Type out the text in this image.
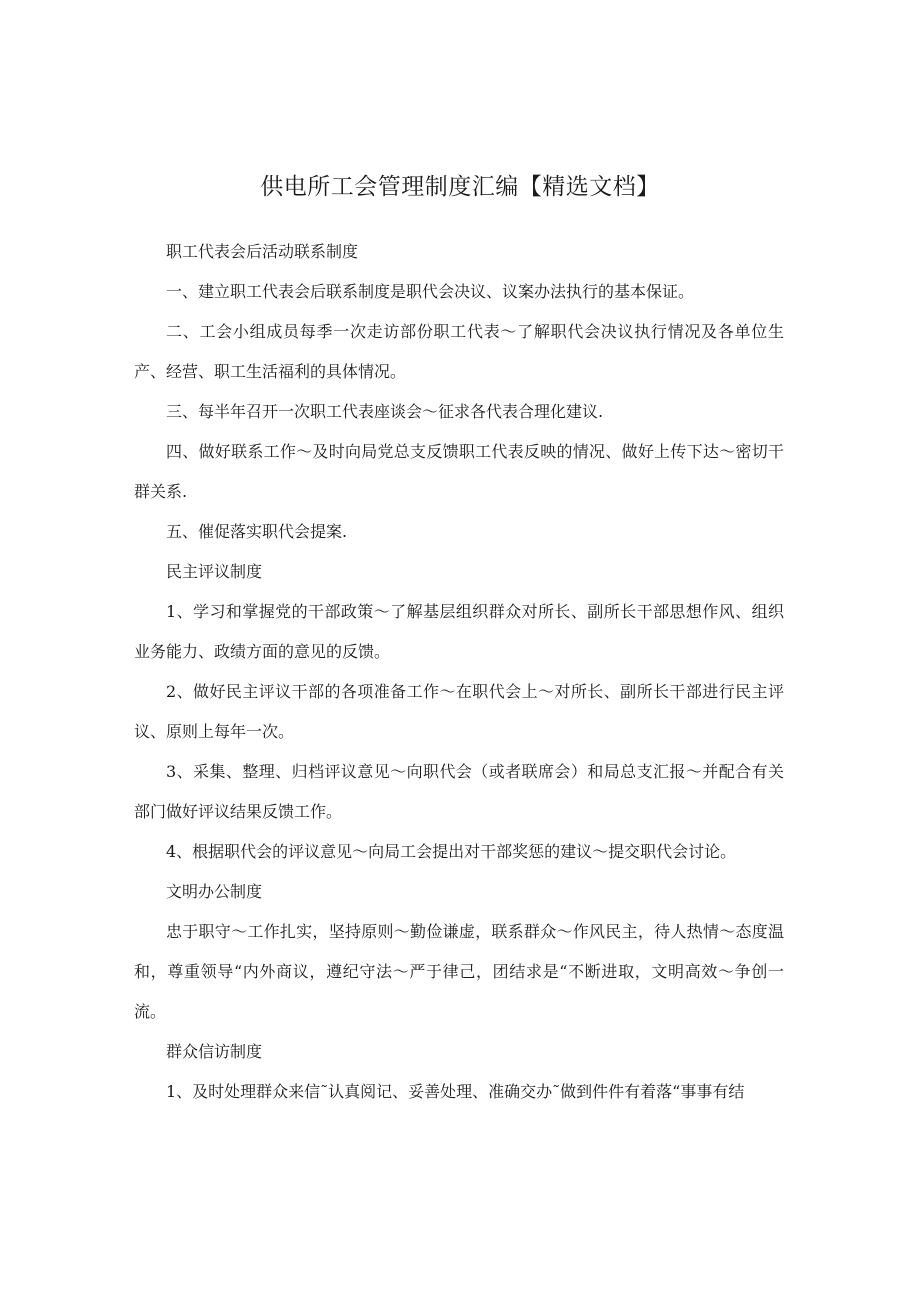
供电所工会管理制度汇编【精选文档】

职工代表会后活动联系制度

一、建立职工代表会后联系制度是职代会决议、议案办法执行的基本保证。

二、工会小组成员每季一次走访部份职工代表～了解职代会决议执行情况及各单位生产、经营、职工生活福利的具体情况。

三、每半年召开一次职工代表座谈会～征求各代表合理化建议.

四、做好联系工作～及时向局党总支反馈职工代表反映的情况、做好上传下达～密切干群关系.

五、催促落实职代会提案.

民主评议制度

1、学习和掌握党的干部政策～了解基层组织群众对所长、副所长干部思想作风、组织业务能力、政绩方面的意见的反馈。

2、做好民主评议干部的各项准备工作～在职代会上～对所长、副所长干部进行民主评议、原则上每年一次。

3、采集、整理、归档评议意见～向职代会（或者联席会）和局总支汇报～并配合有关部门做好评议结果反馈工作。

4、根据职代会的评议意见～向局工会提出对干部奖惩的建议～提交职代会讨论。

文明办公制度

忠于职守～工作扎实，坚持原则～勤俭谦虚，联系群众～作风民主，待人热情～态度温和，尊重领导“内外商议，遵纪守法～严于律己，团结求是“不断进取，文明高效～争创一流。

群众信访制度

1、及时处理群众来信˜认真阅记、妥善处理、准确交办˜做到件件有着落“事事有结
